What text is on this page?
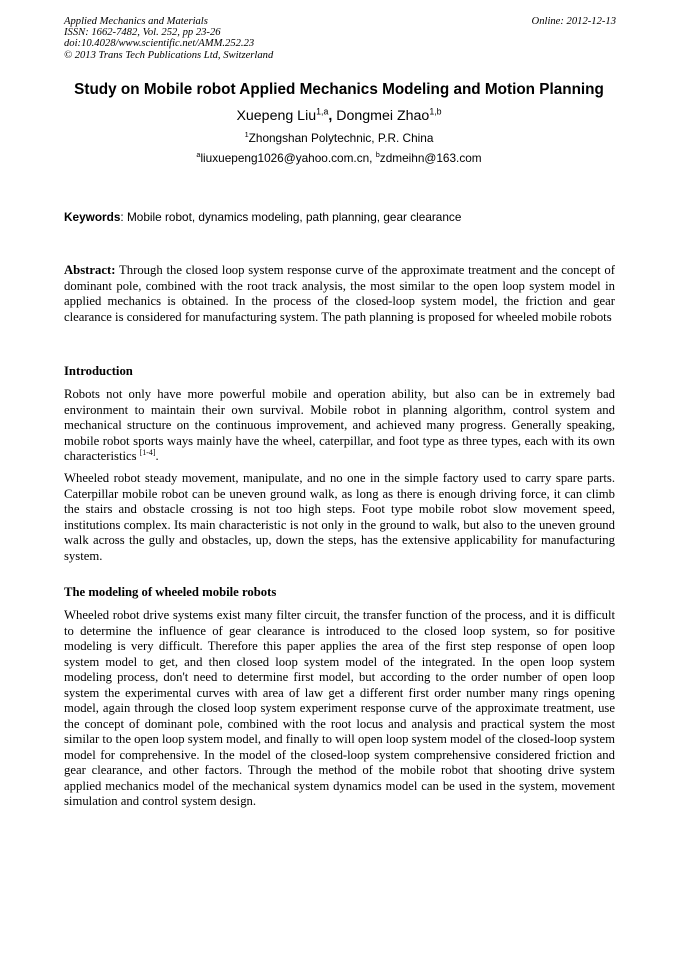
Applied Mechanics and Materials
ISSN: 1662-7482, Vol. 252, pp 23-26
doi:10.4028/www.scientific.net/AMM.252.23
© 2013 Trans Tech Publications Ltd, Switzerland
Online: 2012-12-13
Study on Mobile robot Applied Mechanics Modeling and Motion Planning
Xuepeng Liu$^{1,a}$, Dongmei Zhao$^{1,b}$
$^1$Zhongshan Polytechnic, P.R. China
$^a$liuxuepeng1026@yahoo.com.cn, $^b$zdmeihn@163.com
Keywords: Mobile robot, dynamics modeling, path planning, gear clearance
Abstract: Through the closed loop system response curve of the approximate treatment and the concept of dominant pole, combined with the root track analysis, the most similar to the open loop system model in applied mechanics is obtained. In the process of the closed-loop system model, the friction and gear clearance is considered for manufacturing system. The path planning is proposed for wheeled mobile robots
Introduction
Robots not only have more powerful mobile and operation ability, but also can be in extremely bad environment to maintain their own survival. Mobile robot in planning algorithm, control system and mechanical structure on the continuous improvement, and achieved many progress. Generally speaking, mobile robot sports ways mainly have the wheel, caterpillar, and foot type as three types, each with its own characteristics [1-4].
Wheeled robot steady movement, manipulate, and no one in the simple factory used to carry spare parts. Caterpillar mobile robot can be uneven ground walk, as long as there is enough driving force, it can climb the stairs and obstacle crossing is not too high steps. Foot type mobile robot slow movement speed, institutions complex. Its main characteristic is not only in the ground to walk, but also to the uneven ground walk across the gully and obstacles, up, down the steps, has the extensive applicability for manufacturing system.
The modeling of wheeled mobile robots
Wheeled robot drive systems exist many filter circuit, the transfer function of the process, and it is difficult to determine the influence of gear clearance is introduced to the closed loop system, so for positive modeling is very difficult. Therefore this paper applies the area of the first step response of open loop system model to get, and then closed loop system model of the integrated. In the open loop system modeling process, don't need to determine first model, but according to the order number of open loop system the experimental curves with area of law get a different first order number many rings opening model, again through the closed loop system experiment response curve of the approximate treatment, use the concept of dominant pole, combined with the root locus and analysis and practical system the most similar to the open loop system model, and finally to will open loop system model of the closed-loop system model for comprehensive. In the model of the closed-loop system comprehensive considered friction and gear clearance, and other factors. Through the method of the mobile robot that shooting drive system applied mechanics model of the mechanical system dynamics model can be used in the system, movement simulation and control system design.
